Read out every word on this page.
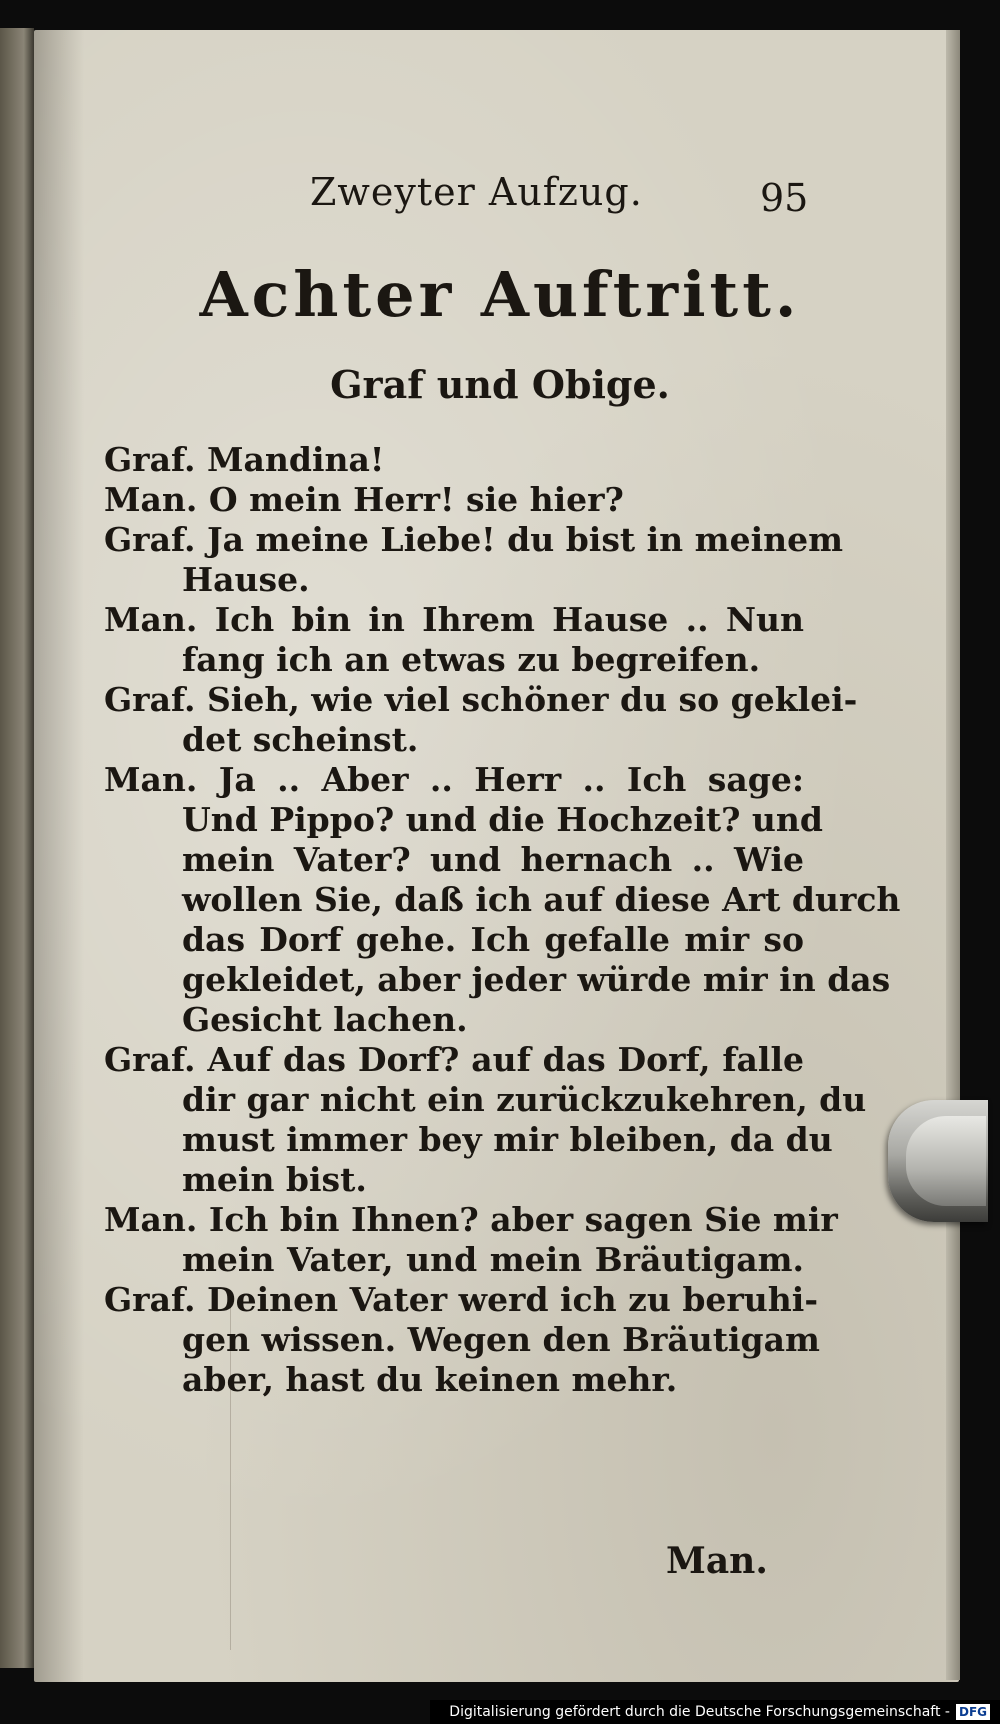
Zweyter Aufzug.	95
Achter Auftritt.
Graf und Obige.
Graf. Mandina!
Man. O mein Herr! sie hier?
Graf. Ja meine Liebe! du bist in meinem
Hause.
Man. Ich bin in Ihrem Hause .. Nun
fang ich an etwas zu begreifen.
Graf. Sieh, wie viel schöner du so geklei-
det scheinst.
Man. Ja .. Aber .. Herr .. Ich sage:
Und Pippo? und die Hochzeit? und
mein Vater? und hernach .. Wie
wollen Sie, daß ich auf diese Art durch
das Dorf gehe. Ich gefalle mir so
gekleidet, aber jeder würde mir in das
Gesicht lachen.
Graf. Auf das Dorf? auf das Dorf, falle
dir gar nicht ein zurückzukehren, du
must immer bey mir bleiben, da du
mein bist.
Man. Ich bin Ihnen? aber sagen Sie mir
mein Vater, und mein Bräutigam.
Graf. Deinen Vater werd ich zu beruhi-
gen wissen. Wegen den Bräutigam
aber, hast du keinen mehr.
Man.
Digitalisierung gefördert durch die Deutsche Forschungsgemeinschaft - DFG
